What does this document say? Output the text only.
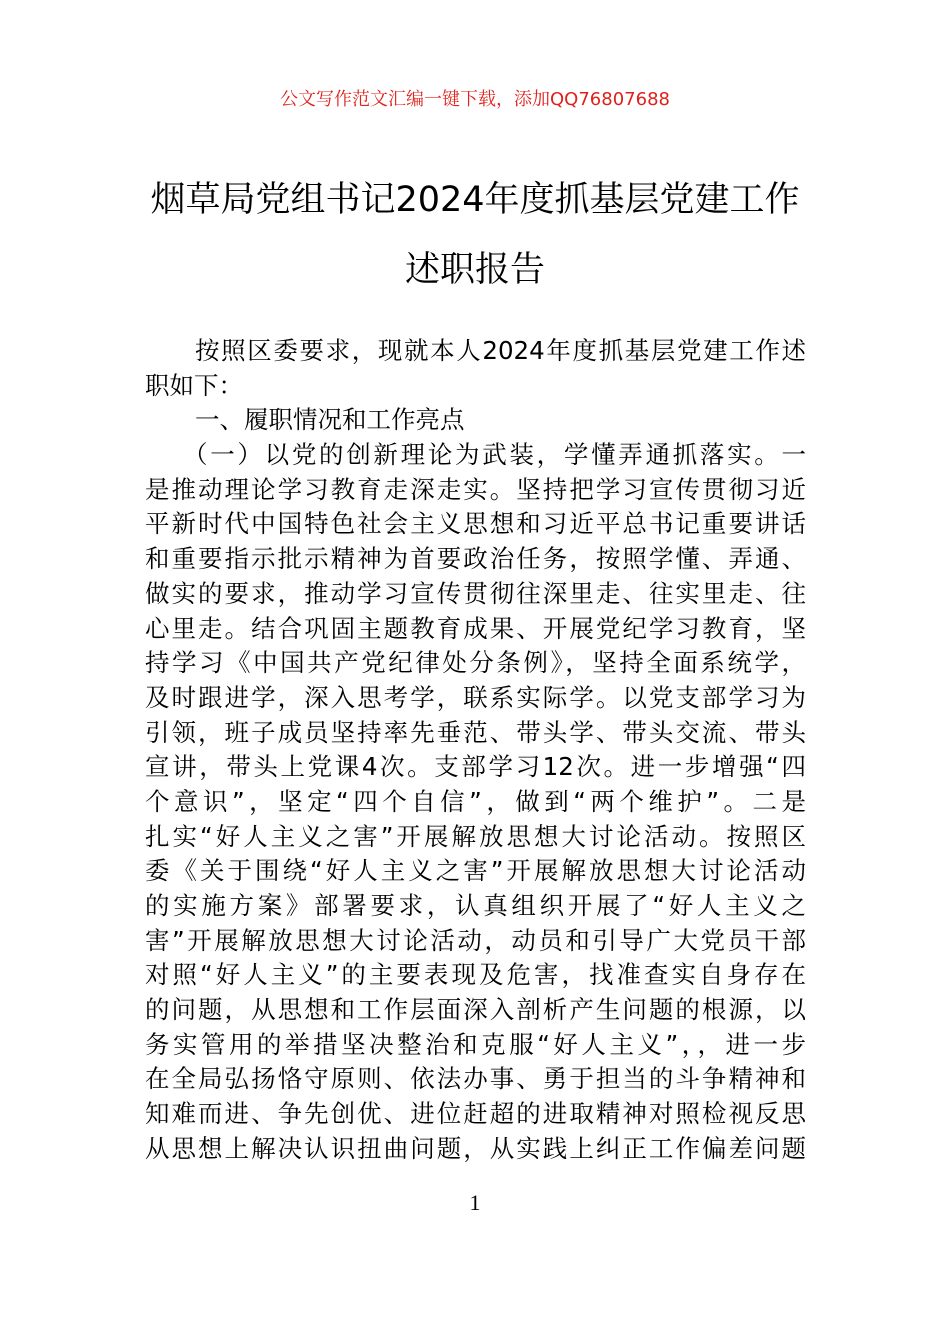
公文写作范文汇编一键下载，添加QQ76807688
烟草局党组书记2024年度抓基层党建工作
述职报告
按照区委要求，现就本人2024年度抓基层党建工作述
职如下：
一、履职情况和工作亮点
（一）以党的创新理论为武装，学懂弄通抓落实。一
是推动理论学习教育走深走实。坚持把学习宣传贯彻习近
平新时代中国特色社会主义思想和习近平总书记重要讲话
和重要指示批示精神为首要政治任务，按照学懂、弄通、
做实的要求，推动学习宣传贯彻往深里走、往实里走、往
心里走。结合巩固主题教育成果、开展党纪学习教育，坚
持学习《中国共产党纪律处分条例》，坚持全面系统学，
及时跟进学，深入思考学，联系实际学。以党支部学习为
引领，班子成员坚持率先垂范、带头学、带头交流、带头
宣讲，带头上党课4次。支部学习12次。进一步增强“四
个意识”，坚定“四个自信”，做到“两个维护”。二是
扎实“好人主义之害”开展解放思想大讨论活动。按照区
委《关于围绕“好人主义之害”开展解放思想大讨论活动
的实施方案》部署要求，认真组织开展了“好人主义之
害”开展解放思想大讨论活动，动员和引导广大党员干部
对照“好人主义”的主要表现及危害，找准查实自身存在
的问题，从思想和工作层面深入剖析产生问题的根源，以
务实管用的举措坚决整治和克服“好人主义”，，进一步
在全局弘扬恪守原则、依法办事、勇于担当的斗争精神和
知难而进、争先创优、进位赶超的进取精神对照检视反思
从思想上解决认识扭曲问题，从实践上纠正工作偏差问题
1
